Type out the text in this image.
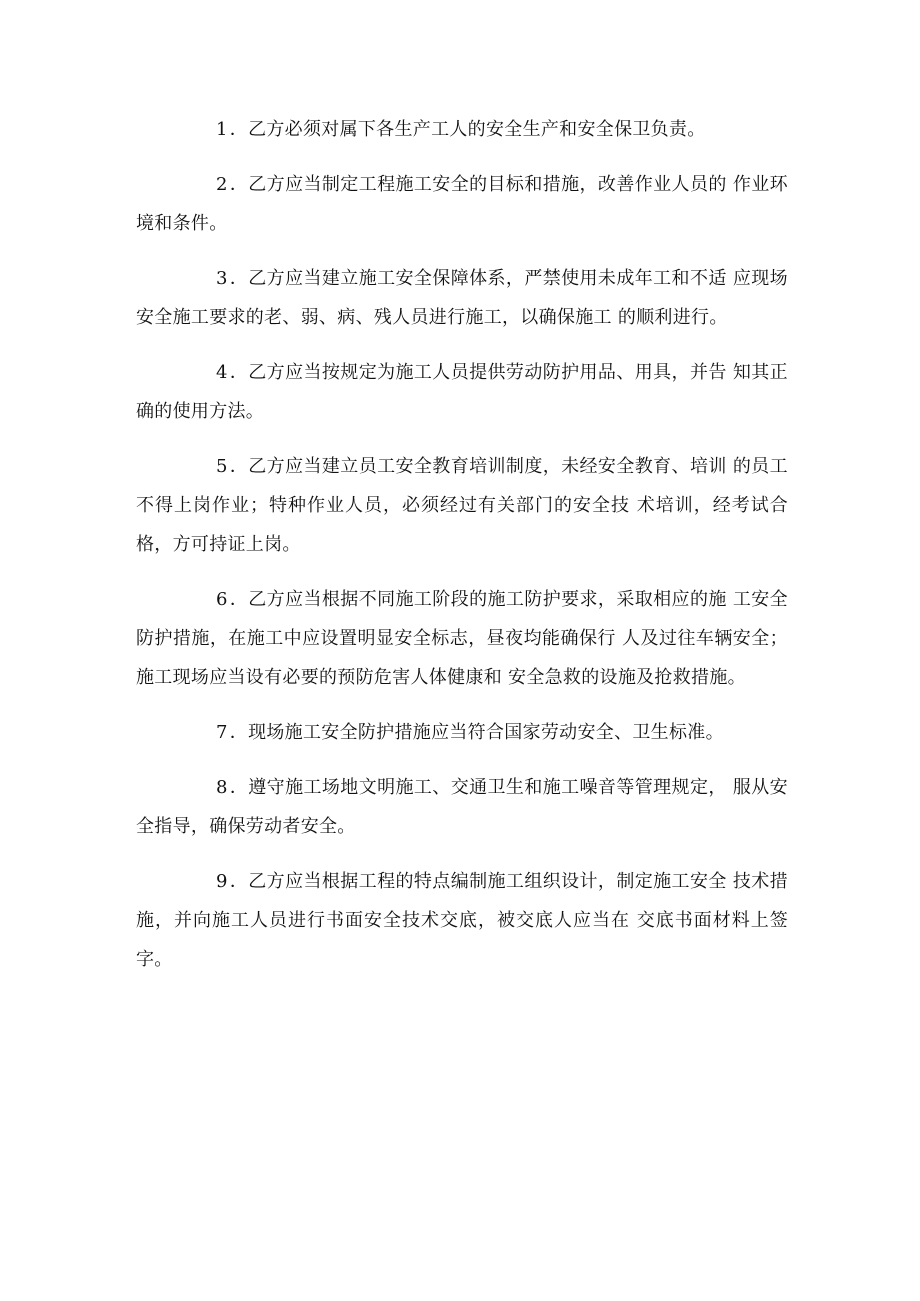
1 ．乙方必须对属下各生产工人的安全生产和安全保卫负责。

2 ．乙方应当制定工程施工安全的目标和措施，改善作业人员的 作业环境和条件。

3 ．乙方应当建立施工安全保障体系，严禁使用未成年工和不适 应现场安全施工要求的老、弱、病、残人员进行施工，以确保施工 的顺利进行。

4 ．乙方应当按规定为施工人员提供劳动防护用品、用具，并告 知其正确的使用方法。

5 ．乙方应当建立员工安全教育培训制度，未经安全教育、培训 的员工不得上岗作业；特种作业人员，必须经过有关部门的安全技 术培训，经考试合格，方可持证上岗。

6 ．乙方应当根据不同施工阶段的施工防护要求，采取相应的施 工安全防护措施，在施工中应设置明显安全标志，昼夜均能确保行 人及过往车辆安全；施工现场应当设有必要的预防危害人体健康和 安全急救的设施及抢救措施。

7 ．现场施工安全防护措施应当符合国家劳动安全、卫生标准。

8 ．遵守施工场地文明施工、交通卫生和施工噪音等管理规定， 服从安全指导，确保劳动者安全。

9 ．乙方应当根据工程的特点编制施工组织设计，制定施工安全 技术措施，并向施工人员进行书面安全技术交底，被交底人应当在 交底书面材料上签字。
